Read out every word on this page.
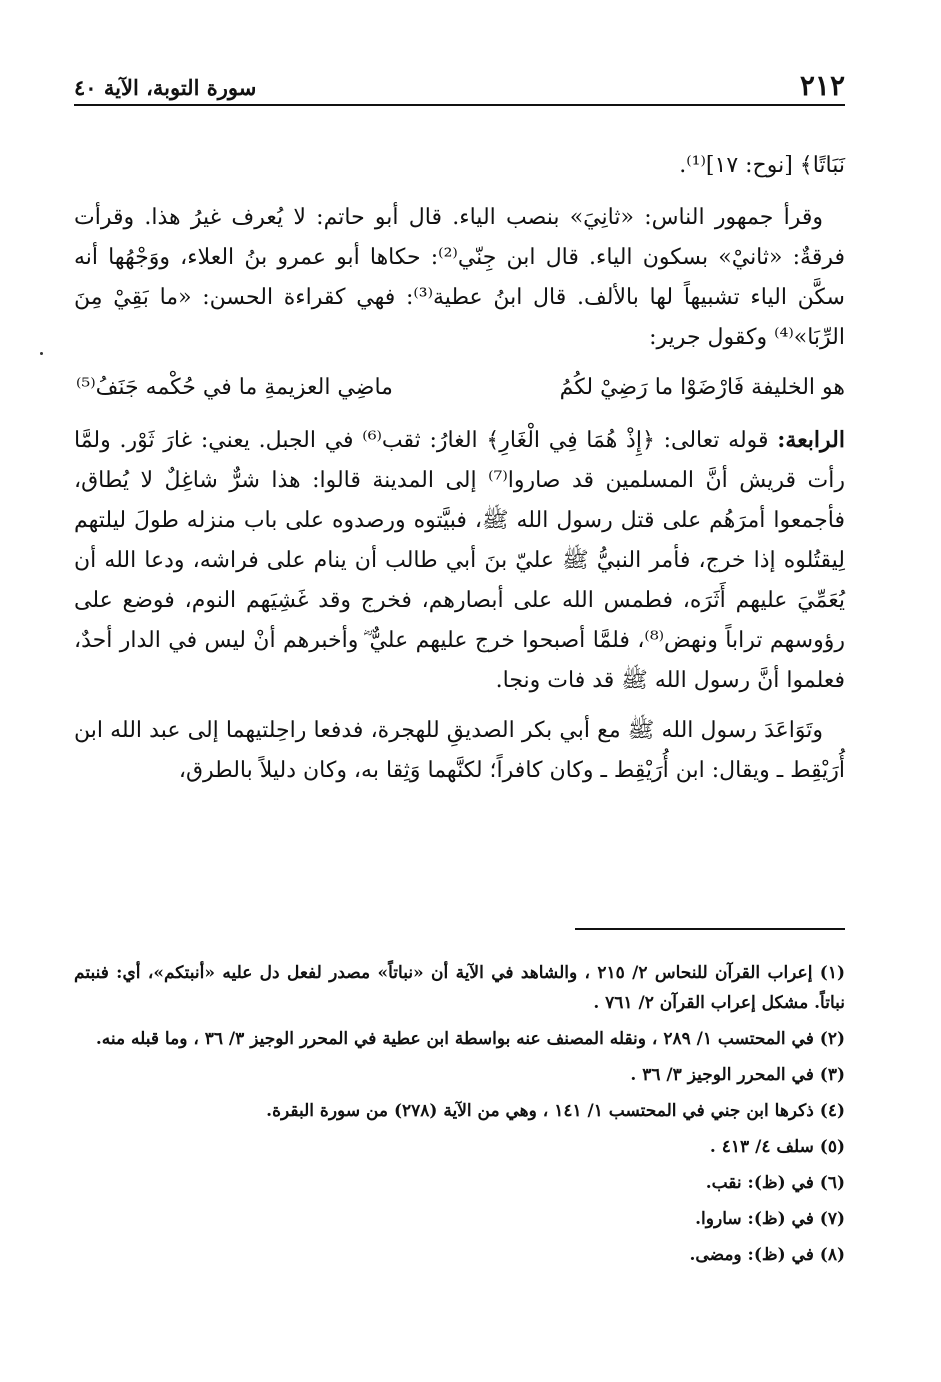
٢١٢
سورة التوبة، الآية ٤٠

نَبَاتًا﴾ [نوح: ١٧]⁽¹⁾.

وقرأ جمهور الناس: «ثانِيَ» بنصب الياء. قال أبو حاتم: لا يُعرف غيرُ هذا. وقرأت فرقةٌ: «ثانيْ» بسكون الياء. قال ابن جِنّي⁽²⁾: حكاها أبو عمرو بنُ العلاء، ووَجْهُها أنه سكَّن الياء تشبيهاً لها بالألف. قال ابنُ عطية⁽³⁾: فهي كقراءة الحسن: «ما بَقِيْ مِنَ الرِّبَا»⁽⁴⁾ وكقول جرير:

هو الخليفة فَارْضَوْا ما رَضِيْ لكُمُ
ماضِي العزيمةِ ما في حُكْمه جَنَفُ⁽⁵⁾

الرابعة: قوله تعالى: ﴿إِذْ هُمَا فِي الْغَارِ﴾ الغارُ: ثقب⁽⁶⁾ في الجبل. يعني: غارَ ثَوْر. ولمَّا رأت قريش أنَّ المسلمين قد صاروا⁽⁷⁾ إلى المدينة قالوا: هذا شرٌّ شاغِلٌ لا يُطاق، فأجمعوا أمرَهُم على قتل رسول الله ﷺ، فبيَّتوه ورصدوه على باب منزله طولَ ليلتهم لِيقتُلوه إذا خرج، فأمر النبيُّ ﷺ عليّ بنَ أبي طالب أن ينام على فراشه، ودعا الله أن يُعَمِّيَ عليهم أَثَرَه، فطمس الله على أبصارهم، فخرج وقد غَشِيَهم النوم، فوضع على رؤوسهم تراباً ونهض⁽⁸⁾، فلمَّا أصبحوا خرج عليهم عليٌّ ؓ وأخبرهم أنْ ليس في الدار أحدٌ، فعلموا أنَّ رسول الله ﷺ قد فات ونجا.

وتَوَاعَدَ رسول الله ﷺ مع أبي بكر الصديقِ للهجرة، فدفعا راحِلتيهما إلى عبد الله ابن أُرَيْقِط ـ ويقال: ابن أُرَيْقِط ـ وكان كافراً؛ لكنَّهما وَثِقا به، وكان دليلاً بالطرق،

(١) إعراب القرآن للنحاس ٢/ ٢١٥ ، والشاهد في الآية أن «نباتاً» مصدر لفعل دل عليه «أنبتكم»، أي: فنبتم نباتاً. مشكل إعراب القرآن ٢/ ٧٦١ .

(٢) في المحتسب ١/ ٢٨٩ ، ونقله المصنف عنه بواسطة ابن عطية في المحرر الوجيز ٣/ ٣٦ ، وما قبله منه.

(٣) في المحرر الوجيز ٣/ ٣٦ .

(٤) ذكرها ابن جني في المحتسب ١/ ١٤١ ، وهي من الآية (٢٧٨) من سورة البقرة.

(٥) سلف ٤/ ٤١٣ .

(٦) في (ظ): نقب.

(٧) في (ظ): ساروا.

(٨) في (ظ): ومضى.
